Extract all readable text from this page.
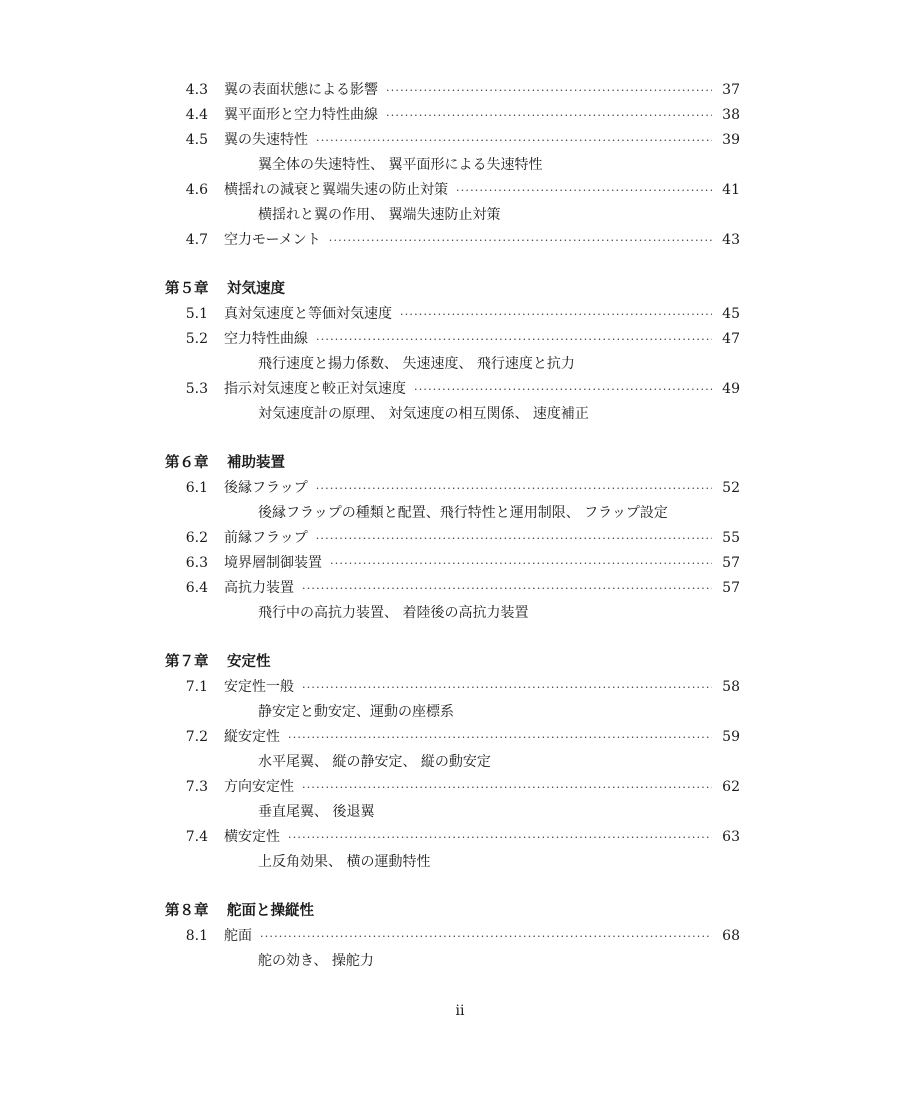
4.3	翼の表面状態による影響 ·····	37
4.4	翼平面形と空力特性曲線 ·····	38
4.5	翼の失速特性 ·····	39
翼全体の失速特性、 翼平面形による失速特性
4.6	横揺れの減衰と翼端失速の防止対策 ·····	41
横揺れと翼の作用、 翼端失速防止対策
4.7	空力モーメント ·····	43
第５章 対気速度
5.1	真対気速度と等価対気速度 ·····	45
5.2	空力特性曲線 ·····	47
飛行速度と揚力係数、 失速速度、 飛行速度と抗力
5.3	指示対気速度と較正対気速度 ·····	49
対気速度計の原理、 対気速度の相互関係、 速度補正
第６章 補助装置
6.1	後縁フラップ ·····	52
後縁フラップの種類と配置、飛行特性と運用制限、 フラップ設定
6.2	前縁フラップ ·····	55
6.3	境界層制御装置 ·····	57
6.4	高抗力装置 ·····	57
飛行中の高抗力装置、 着陸後の高抗力装置
第７章 安定性
7.1	安定性一般 ·····	58
静安定と動安定、運動の座標系
7.2	縦安定性 ·····	59
水平尾翼、 縦の静安定、 縦の動安定
7.3	方向安定性 ·····	62
垂直尾翼、 後退翼
7.4	横安定性 ·····	63
上反角効果、 横の運動特性
第８章 舵面と操縦性
8.1	舵面 ·····	68
舵の効き、 操舵力
ii
